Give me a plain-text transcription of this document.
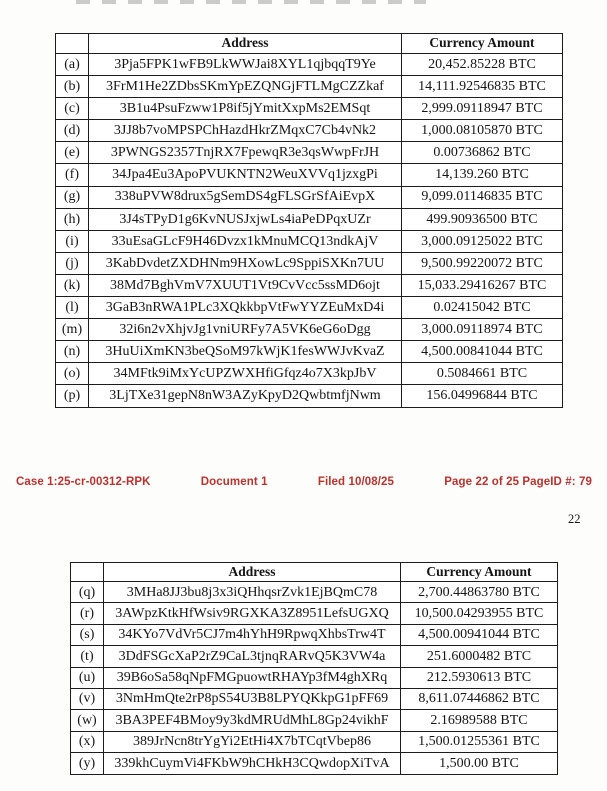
	Address	Currency Amount
(a)	3Pja5FPK1wFB9LkWWJai8XYL1qjbqqT9Ye	20,452.85228 BTC
(b)	3FrM1He2ZDbsSKmYpEZQNGjFTLMgCZZkaf	14,111.92546835 BTC
(c)	3B1u4PsuFzww1P8if5jYmitXxpMs2EMSqt	2,999.09118947 BTC
(d)	3JJ8b7voMPSPChHazdHkrZMqxC7Cb4vNk2	1,000.08105870 BTC
(e)	3PWNGS2357TnjRX7FpewqR3e3qsWwpFrJH	0.00736862 BTC
(f)	34Jpa4Eu3ApoPVUKNTN2WeuXVVq1jzxgPi	14,139.260 BTC
(g)	338uPVW8drux5gSemDS4gFLSGrSfAiEvpX	9,099.01146835 BTC
(h)	3J4sTPyD1g6KvNUSJxjwLs4iaPeDPqxUZr	499.90936500 BTC
(i)	33uEsaGLcF9H46Dvzx1kMnuMCQ13ndkAjV	3,000.09125022 BTC
(j)	3KabDvdetZXDHNm9HXowLc9SppiSXKn7UU	9,500.99220072 BTC
(k)	38Md7BghVmV7XUUT1Vt9CvVcc5ssMD6ojt	15,033.29416267 BTC
(l)	3GaB3nRWA1PLc3XQkkbpVtFwYYZEuMxD4i	0.02415042 BTC
(m)	32i6n2vXhjvJg1vniURFy7A5VK6eG6oDgg	3,000.09118974 BTC
(n)	3HuUiXmKN3beQSoM97kWjK1fesWWJvKvaZ	4,500.00841044 BTC
(o)	34MFtk9iMxYcUPZWXHfiGfqz4o7X3kpJbV	0.5084661 BTC
(p)	3LjTXe31gepN8nW3AZyKpyD2QwbtmfjNwm	156.04996844 BTC
Case 1:25-cr-00312-RPK	Document 1	Filed 10/08/25	Page 22 of 25 PageID #: 79
22
	Address	Currency Amount
(q)	3MHa8JJ3bu8j3x3iQHhqsrZvk1EjBQmC78	2,700.44863780 BTC
(r)	3AWpzKtkHfWsiv9RGXKA3Z8951LefsUGXQ	10,500.04293955 BTC
(s)	34KYo7VdVr5CJ7m4hYhH9RpwqXhbsTrw4T	4,500.00941044 BTC
(t)	3DdFSGcXaP2rZ9CaL3tjnqRARvQ5K3VW4a	251.6000482 BTC
(u)	39B6oSa58qNpFMGpuowtRHAYp3fM4ghXRq	212.5930613 BTC
(v)	3NmHmQte2rP8pS54U3B8LPYQKkpG1pFF69	8,611.07446862 BTC
(w)	3BA3PEF4BMoy9y3kdMRUdMhL8Gp24vikhF	2.16989588 BTC
(x)	389JrNcn8trYgYi2EtHi4X7bTCqtVbep86	1,500.01255361 BTC
(y)	339khCuymVi4FKbW9hCHkH3CQwdopXiTvA	1,500.00 BTC
